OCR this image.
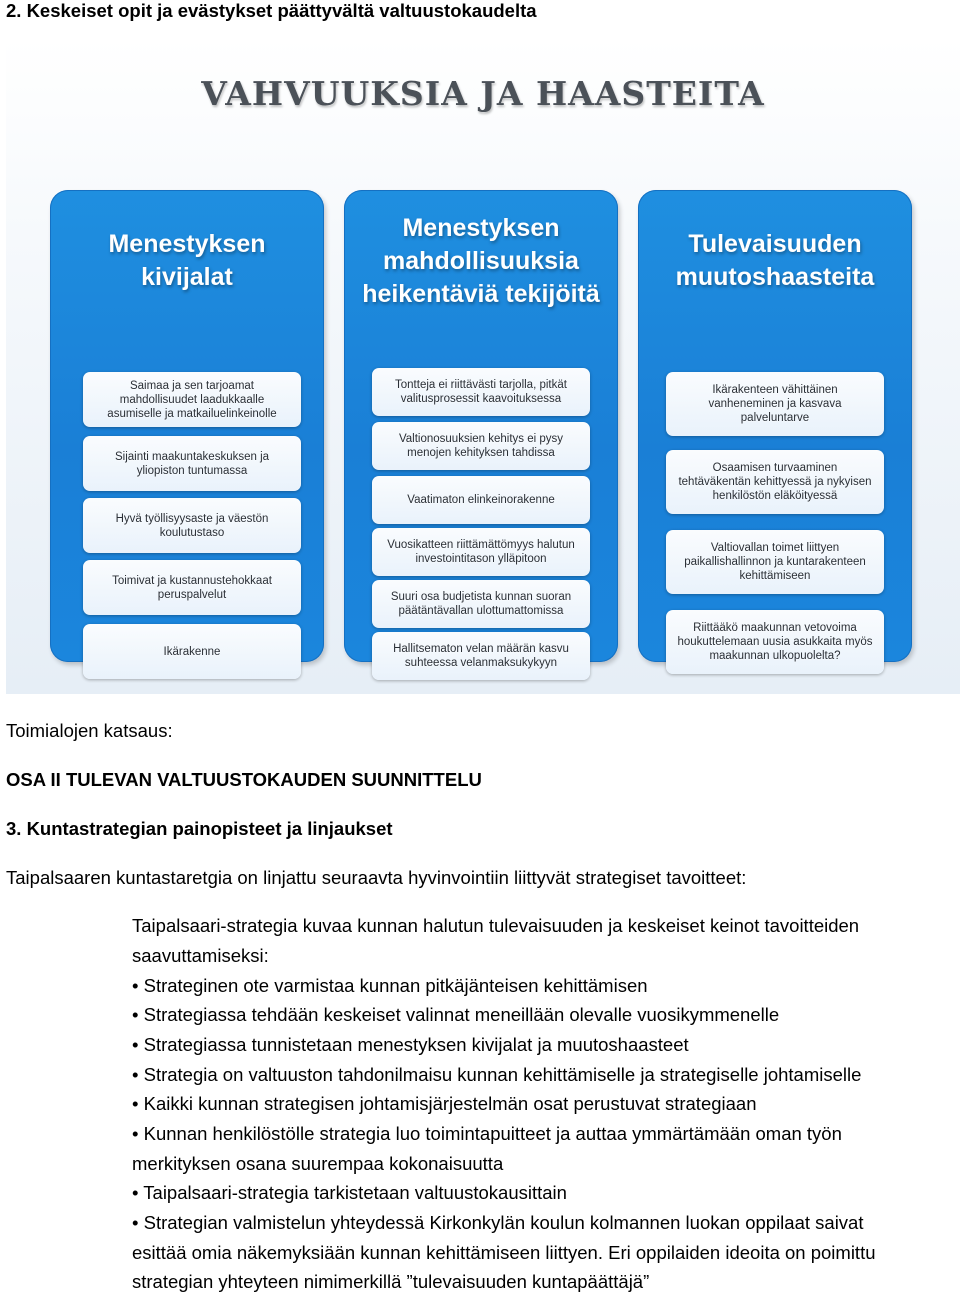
2. Keskeiset opit ja evästykset päättyvältä valtuustokaudelta
VAHVUUKSIA JA HAASTEITA
Menestyksen
kivijalat
Saimaa ja sen tarjoamat
mahdollisuudet laadukkaalle
asumiselle ja matkailuelinkeinolle
Sijainti maakuntakeskuksen ja
yliopiston tuntumassa
Hyvä työllisyysaste ja väestön
koulutustaso
Toimivat ja kustannustehokkaat
peruspalvelut
Ikärakenne
Menestyksen
mahdollisuuksia
heikentäviä tekijöitä
Tontteja ei riittävästi tarjolla, pitkät
valitusprosessit kaavoituksessa
Valtionosuuksien kehitys ei pysy
menojen kehityksen tahdissa
Vaatimaton elinkeinorakenne
Vuosikatteen riittämättömyys halutun
investointitason ylläpitoon
Suuri osa budjetista kunnan suoran
päätäntävallan ulottumattomissa
Hallitsematon velan määrän kasvu
suhteessa velanmaksukykyyn
Tulevaisuuden
muutoshaasteita
Ikärakenteen vähittäinen
vanheneminen ja kasvava
palveluntarve
Osaamisen turvaaminen
tehtäväkentän kehittyessä ja nykyisen
henkilöstön eläköityessä
Valtiovallan toimet liittyen
paikallishallinnon ja kuntarakenteen
kehittämiseen
Riittääkö maakunnan vetovoima
houkuttelemaan uusia asukkaita myös
maakunnan ulkopuolelta?
Toimialojen katsaus:
OSA II TULEVAN VALTUUSTOKAUDEN SUUNNITTELU
3. Kuntastrategian painopisteet ja linjaukset
Taipalsaaren kuntastaretgia on linjattu seuraavta hyvinvointiin liittyvät strategiset tavoitteet:
Taipalsaari-strategia kuvaa kunnan halutun tulevaisuuden ja keskeiset keinot tavoitteiden
saavuttamiseksi:
• Strateginen ote varmistaa kunnan pitkäjänteisen kehittämisen
• Strategiassa tehdään keskeiset valinnat meneillään olevalle vuosikymmenelle
• Strategiassa tunnistetaan menestyksen kivijalat ja muutoshaasteet
• Strategia on valtuuston tahdonilmaisu kunnan kehittämiselle ja strategiselle johtamiselle
• Kaikki kunnan strategisen johtamisjärjestelmän osat perustuvat strategiaan
• Kunnan henkilöstölle strategia luo toimintapuitteet ja auttaa ymmärtämään oman työn
merkityksen osana suurempaa kokonaisuutta
• Taipalsaari-strategia tarkistetaan valtuustokausittain
• Strategian valmistelun yhteydessä Kirkonkylän koulun kolmannen luokan oppilaat saivat
esittää omia näkemyksiään kunnan kehittämiseen liittyen. Eri oppilaiden ideoita on poimittu
strategian yhteyteen nimimerkillä ”tulevaisuuden kuntapäättäjä”
